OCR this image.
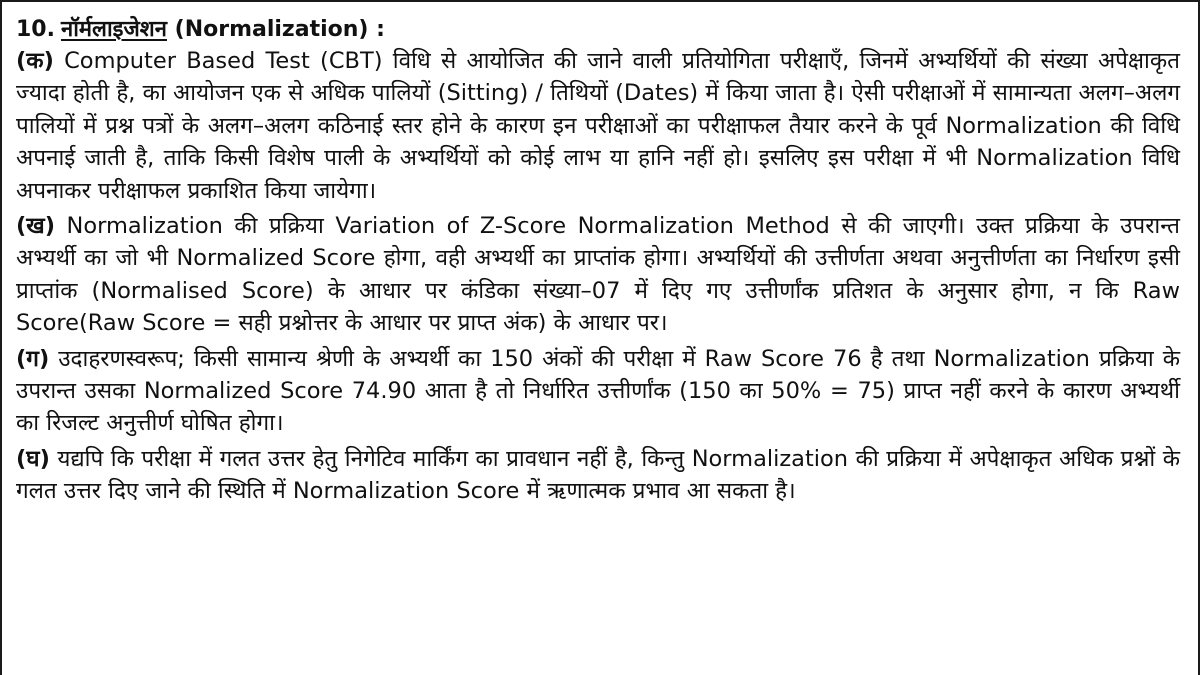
10. नॉर्मलाइजेशन (Normalization) :

(क) Computer Based Test (CBT) विधि से आयोजित की जाने वाली प्रतियोगिता परीक्षाएँ, जिनमें अभ्यर्थियों की संख्या अपेक्षाकृत ज्यादा होती है, का आयोजन एक से अधिक पालियों (Sitting) / तिथियों (Dates) में किया जाता है। ऐसी परीक्षाओं में सामान्यता अलग–अलग पालियों में प्रश्न पत्रों के अलग–अलग कठिनाई स्तर होने के कारण इन परीक्षाओं का परीक्षाफल तैयार करने के पूर्व Normalization की विधि अपनाई जाती है, ताकि किसी विशेष पाली के अभ्यर्थियों को कोई लाभ या हानि नहीं हो। इसलिए इस परीक्षा में भी Normalization विधि अपनाकर परीक्षाफल प्रकाशित किया जायेगा।

(ख) Normalization की प्रक्रिया Variation of Z-Score Normalization Method से की जाएगी। उक्त प्रक्रिया के उपरान्त अभ्यर्थी का जो भी Normalized Score होगा, वही अभ्यर्थी का प्राप्तांक होगा। अभ्यर्थियों की उत्तीर्णता अथवा अनुत्तीर्णता का निर्धारण इसी प्राप्तांक (Normalised Score) के आधार पर कंडिका संख्या–07 में दिए गए उत्तीर्णांक प्रतिशत के अनुसार होगा, न कि Raw Score(Raw Score = सही प्रश्नोत्तर के आधार पर प्राप्त अंक) के आधार पर।

(ग) उदाहरणस्वरूप; किसी सामान्य श्रेणी के अभ्यर्थी का 150 अंकों की परीक्षा में Raw Score 76 है तथा Normalization प्रक्रिया के उपरान्त उसका Normalized Score 74.90 आता है तो निर्धारित उत्तीर्णांक (150 का 50% = 75) प्राप्त नहीं करने के कारण अभ्यर्थी का रिजल्ट अनुत्तीर्ण घोषित होगा।

(घ) यद्यपि कि परीक्षा में गलत उत्तर हेतु निगेटिव मार्किंग का प्रावधान नहीं है, किन्तु Normalization की प्रक्रिया में अपेक्षाकृत अधिक प्रश्नों के गलत उत्तर दिए जाने की स्थिति में Normalization Score में ऋणात्मक प्रभाव आ सकता है।
